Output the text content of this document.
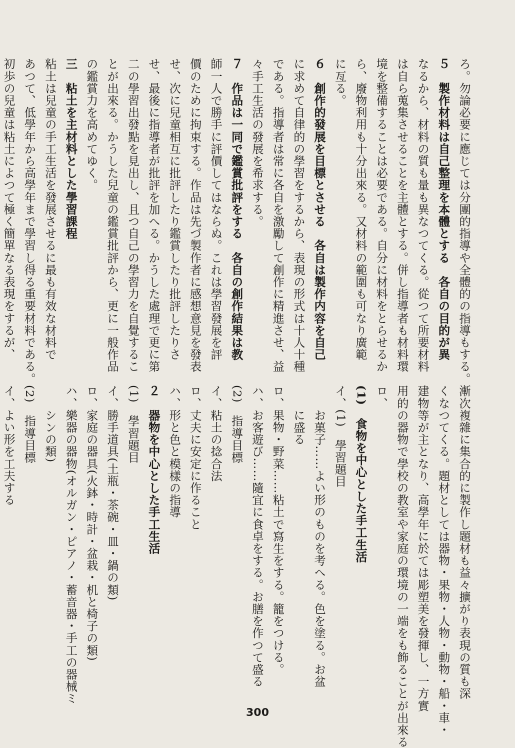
ろ。勿論必要に應じては分團的指導や全體的の指導もする。
５　製作材料は自己整理を本體とする　各自の目的が異
なるから、材料の質も量も異なつてくる。從つて所要材料
は自ら蒐集させることを主體とする。併し指導者も材料環
境を整備することは必要である。自分に材料をとらせるか
ら、廢物利用も十分出來る。又材料の範圍も可なり廣範
に亙る。
６　創作的發展を目標とさせる　各自は製作内容を自己
に求めて自律的の學習をするから、表現の形式は十人十種
である。指導者は常に各自を激勵して創作に精進させ、益
々手工生活の發展を希求する。
７　作品は一同で鑑賞批評をする　各自の創作結果は教
師一人で勝手に評價してはならぬ。これは學習發展を評
價のために拘束する。作品は先づ製作者に感想意見を發表
せ、次に兒童相互に批評したり鑑賞したり批評したりさ
せ、最後に指導者が批評を加へる。かうした處理で更に第
二の學習出發點を見出し、且つ自己の學習力を自覺するこ
とが出來る。かうした兒童の鑑賞批評から、更に一般作品
の鑑賞力を高めてゆく。
三　粘土を主材料とした學習課程
粘土は兒童の手工生活を發展させるに最も有效な材料で
あつて、低學年から高學年まで學習し得る重要材料である。
初歩の兒童は粘土によつて極く簡單なる表現をするが、
漸次複雜に集合的に製作し題材も益々擴がり表現の質も深
くなつてくる。題材としては器物・果物・人物・動物・船・車・
建物等が主となり、高學年に於ては彫塑美を發揮し、一方實
用的の器物で學校の教室や家庭の環境の一端をも飾ることが出來る
ロ、
(1)　食物を中心とした手工生活
イ、(1)　學習題目
　　お菓子……よい形のものを考へる。色を塗る。お盆
　　に盛る
ロ、果物・野菜……粘土で寫生をする。籠をつける。
ハ、お客遊び……隨宜に食卓をする。お膳を作つて盛る
(2)　指導目標
イ、粘土の捻合法
ロ、丈夫に安定に作ること
ハ、形と色と模樣の指導
２　器物を中心とした手工生活
(1)　學習題目
イ、勝手道具(土瓶・茶碗・皿・鍋の類)
ロ、家庭の器具(火鉢・時計・盆栽・机と椅子の類)
ハ、樂器の器物(オルガン・ピアノ・蓄音器・手工の器械ミ
　　シンの類)
(2)　指導目標
イ、よい形を工夫する
300
